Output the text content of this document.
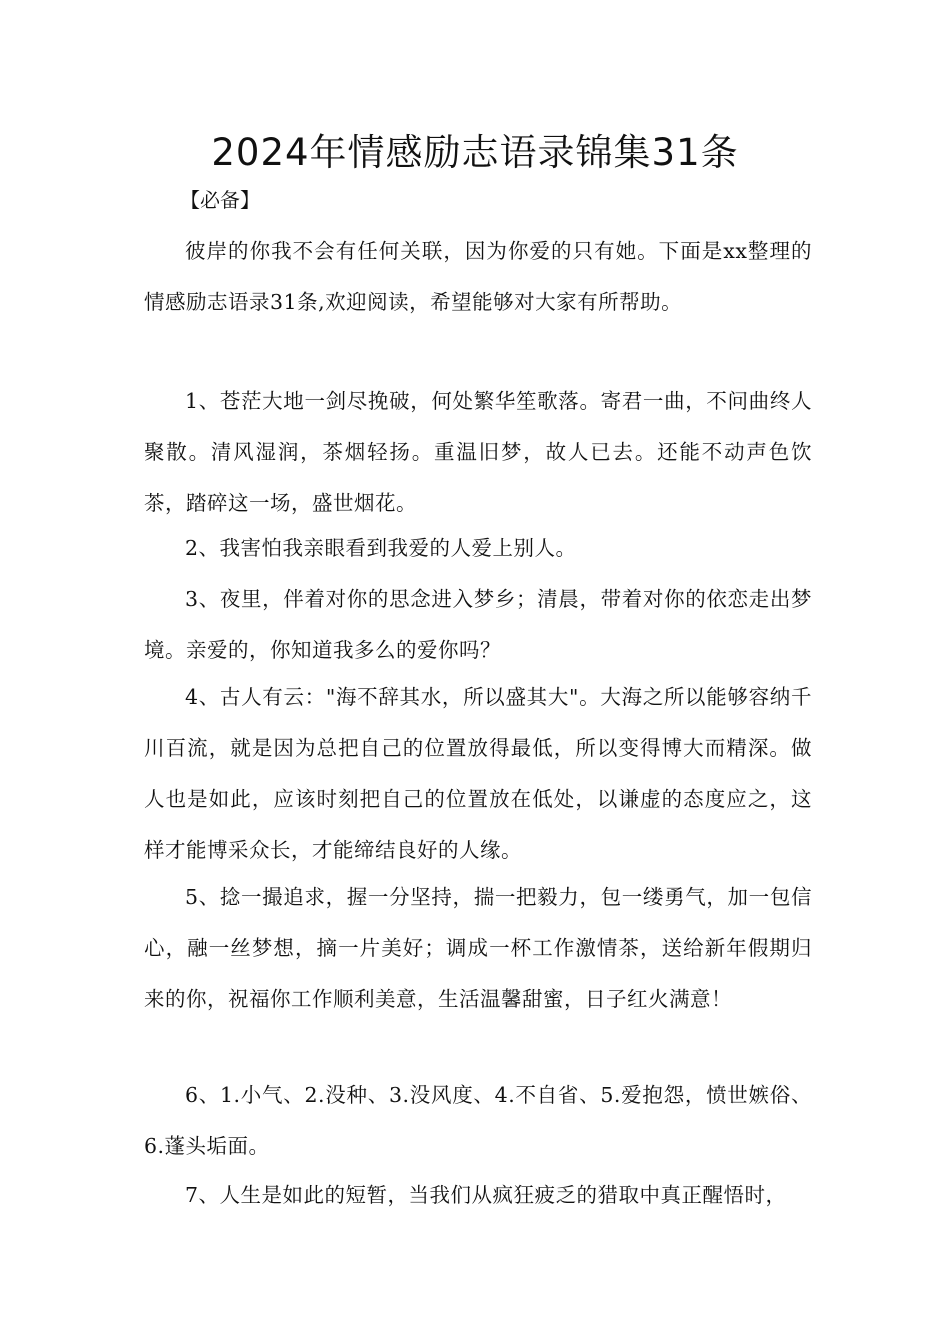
2024年情感励志语录锦集31条
【必备】

彼岸的你我不会有任何关联，因为你爱的只有她。下面是xx整理的情感励志语录31条,欢迎阅读，希望能够对大家有所帮助。

1、苍茫大地一剑尽挽破，何处繁华笙歌落。寄君一曲，不问曲终人聚散。清风湿润，茶烟轻扬。重温旧梦，故人已去。还能不动声色饮茶，踏碎这一场，盛世烟花。

2、我害怕我亲眼看到我爱的人爱上别人。

3、夜里，伴着对你的思念进入梦乡；清晨，带着对你的依恋走出梦境。亲爱的，你知道我多么的爱你吗？

4、古人有云："海不辞其水，所以盛其大"。大海之所以能够容纳千川百流，就是因为总把自己的位置放得最低，所以变得博大而精深。做人也是如此，应该时刻把自己的位置放在低处，以谦虚的态度应之，这样才能博采众长，才能缔结良好的人缘。

5、捻一撮追求，握一分坚持，揣一把毅力，包一缕勇气，加一包信心，融一丝梦想，摘一片美好；调成一杯工作激情茶，送给新年假期归来的你，祝福你工作顺利美意，生活温馨甜蜜，日子红火满意！

6、1.小气、2.没种、3.没风度、4.不自省、5.爱抱怨，愤世嫉俗、6.蓬头垢面。

7、人生是如此的短暂，当我们从疯狂疲乏的猎取中真正醒悟时，
